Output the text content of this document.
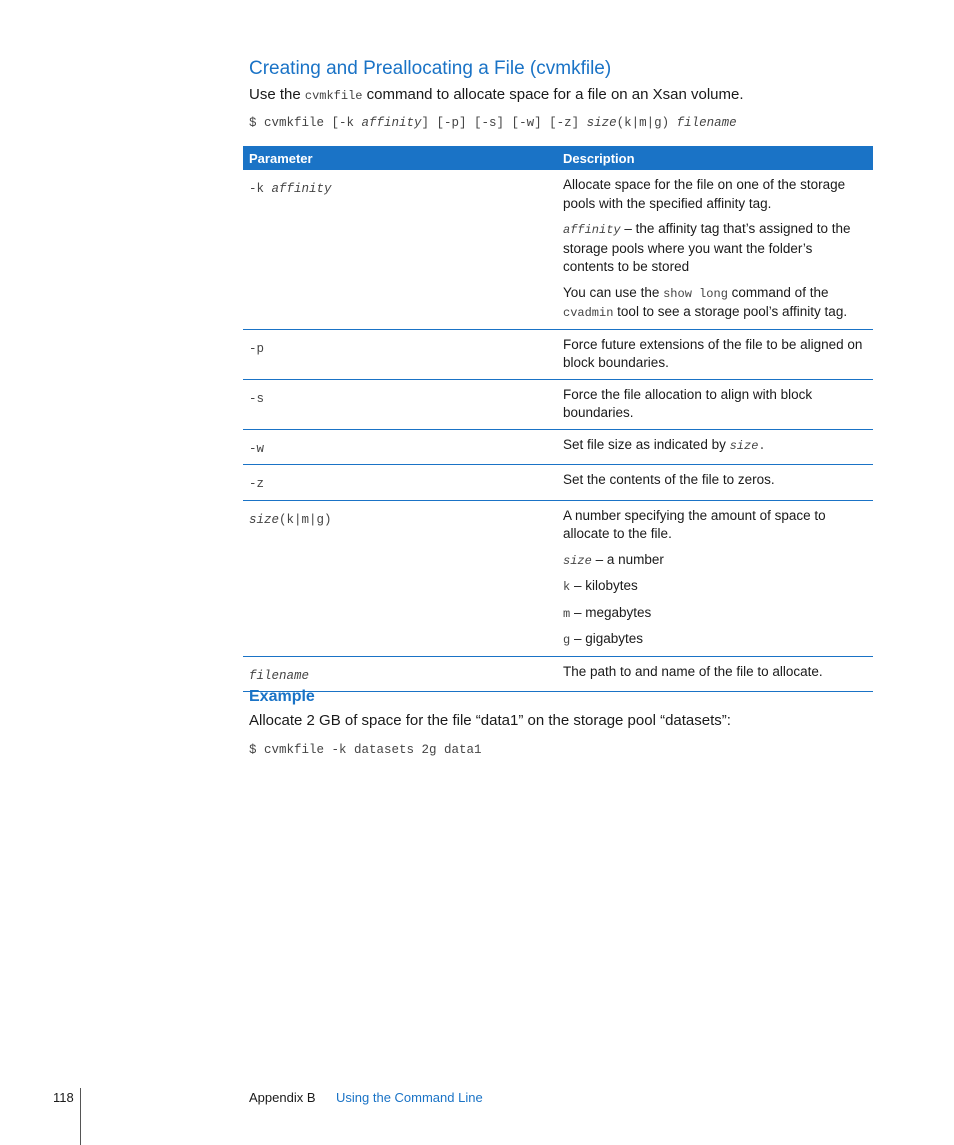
Creating and Preallocating a File (cvmkfile)
Use the cvmkfile command to allocate space for a file on an Xsan volume.
$ cvmkfile [-k affinity] [-p] [-s] [-w] [-z] size(k|m|g) filename
Parameter	Description
-k affinity	Allocate space for the file on one of the storage pools with the specified affinity tag.

affinity – the affinity tag that’s assigned to the storage pools where you want the folder’s contents to be stored

You can use the show long command of the cvadmin tool to see a storage pool’s affinity tag.

-p	Force future extensions of the file to be aligned on block boundaries.
-s	Force the file allocation to align with block boundaries.
-w	Set file size as indicated by size.
-z	Set the contents of the file to zeros.
size(k|m|g)	A number specifying the amount of space to allocate to the file.

size – a number

k – kilobytes

m – megabytes

g – gigabytes

filename	The path to and name of the file to allocate.
Example
Allocate 2 GB of space for the file “data1” on the storage pool “datasets”:
$ cvmkfile -k datasets 2g data1
118	Appendix B Using the Command Line
